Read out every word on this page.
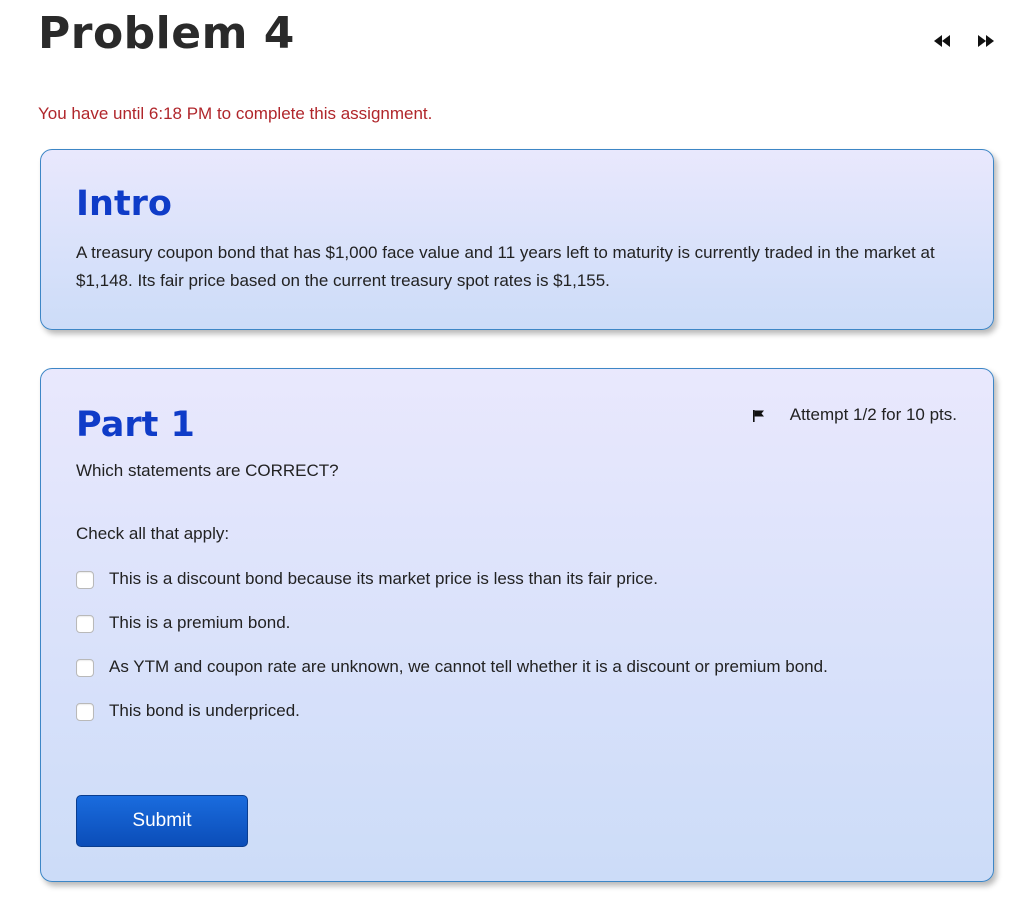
Problem 4
You have until 6:18 PM to complete this assignment.
Intro
A treasury coupon bond that has $1,000 face value and 11 years left to maturity is currently traded in the market at $1,148. Its fair price based on the current treasury spot rates is $1,155.
Part 1	Attempt 1/2 for 10 pts.
Which statements are CORRECT?
Check all that apply:
This is a discount bond because its market price is less than its fair price.
This is a premium bond.
As YTM and coupon rate are unknown, we cannot tell whether it is a discount or premium bond.
This bond is underpriced.
Submit
